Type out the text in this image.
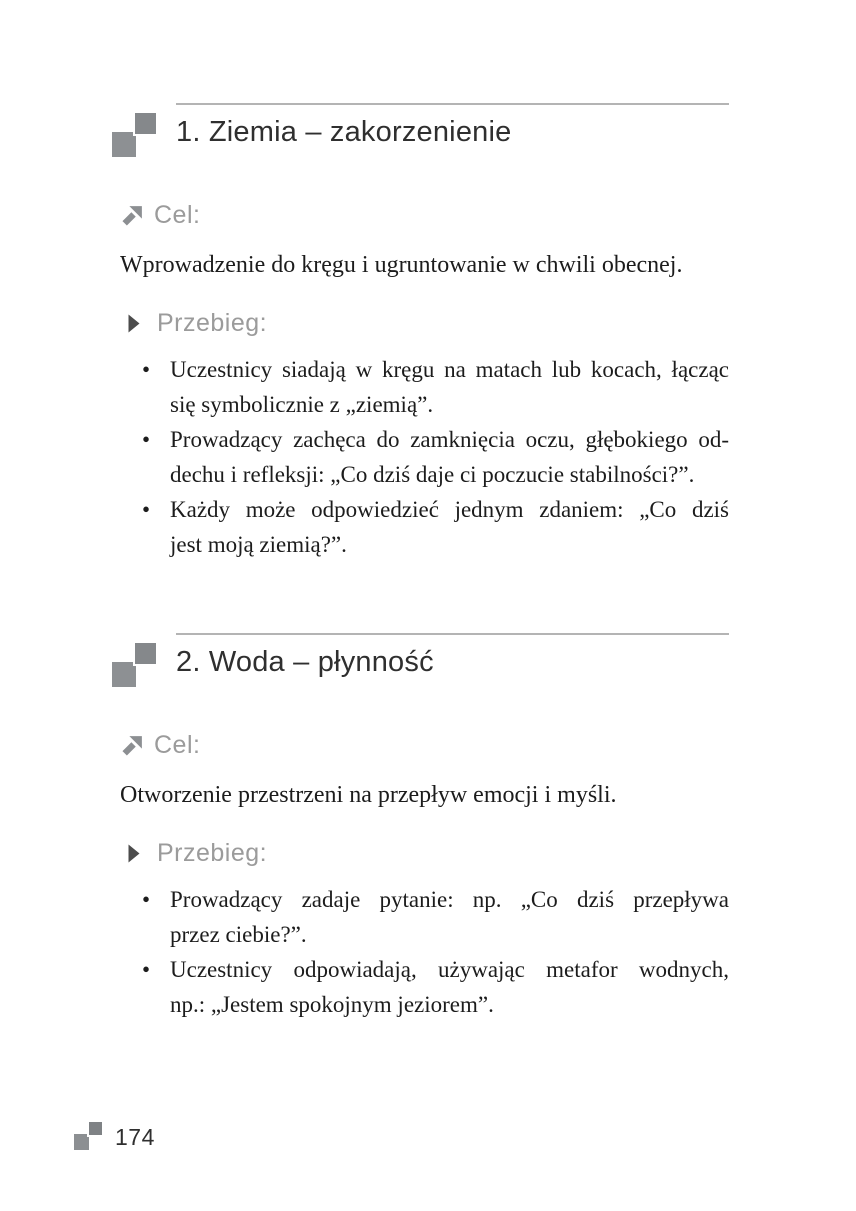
1. Ziemia – zakorzenienie
Cel:
Wprowadzenie do kręgu i ugruntowanie w chwili obecnej.
Przebieg:
• Uczestnicy siadają w kręgu na matach lub kocach, łącząc
się symbolicznie z „ziemią”.
• Prowadzący zachęca do zamknięcia oczu, głębokiego od-
dechu i refleksji: „Co dziś daje ci poczucie stabilności?”.
• Każdy może odpowiedzieć jednym zdaniem: „Co dziś
jest moją ziemią?”.
2. Woda – płynność
Cel:
Otworzenie przestrzeni na przepływ emocji i myśli.
Przebieg:
• Prowadzący zadaje pytanie: np. „Co dziś przepływa
przez ciebie?”.
• Uczestnicy odpowiadają, używając metafor wodnych,
np.: „Jestem spokojnym jeziorem”.
174
